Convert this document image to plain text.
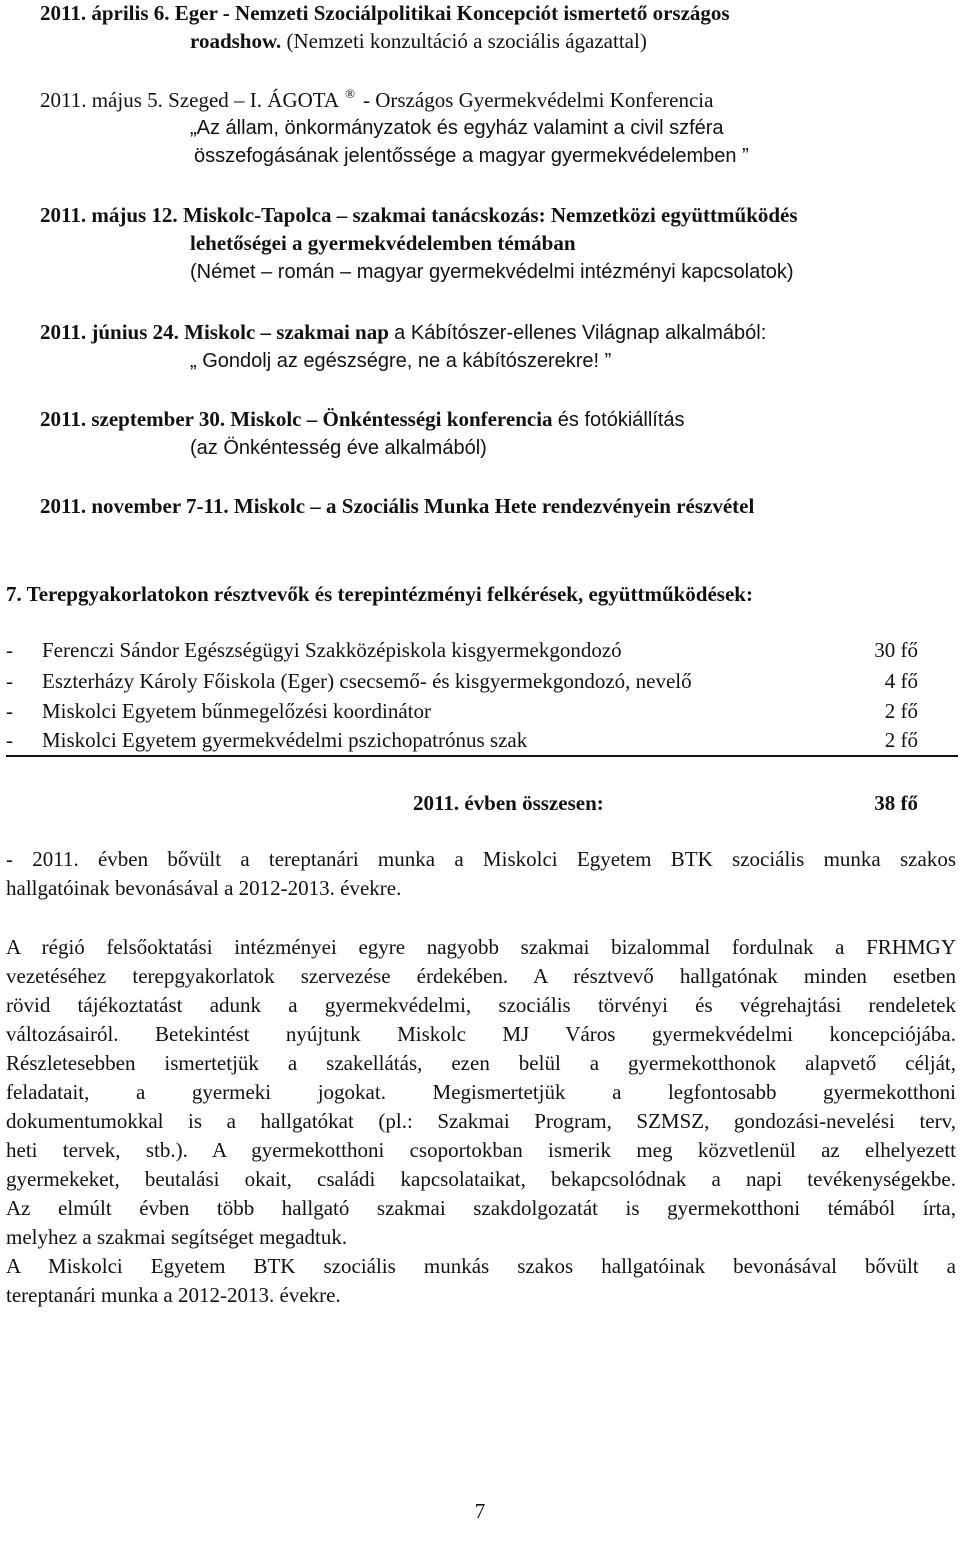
2011. április 6. Eger - Nemzeti Szociálpolitikai Koncepciót ismertető országos
roadshow. (Nemzeti konzultáció a szociális ágazattal)
2011. május 5. Szeged – I. ÁGOTA ® - Országos Gyermekvédelmi Konferencia
„Az állam, önkormányzatok és egyház valamint a civil szféra
összefogásának jelentőssége a magyar gyermekvédelemben ”
2011. május 12. Miskolc-Tapolca – szakmai tanácskozás: Nemzetközi együttműködés
lehetőségei a gyermekvédelemben témában
(Német – román – magyar gyermekvédelmi intézményi kapcsolatok)
2011. június 24. Miskolc – szakmai nap a Kábítószer-ellenes Világnap alkalmából:
„ Gondolj az egészségre, ne a kábítószerekre! ”
2011. szeptember 30. Miskolc – Önkéntességi konferencia és fotókiállítás
(az Önkéntesség éve alkalmából)
2011. november 7-11. Miskolc – a Szociális Munka Hete rendezvényein részvétel
7. Terepgyakorlatokon résztvevők és terepintézményi felkérések, együttműködések:
- Ferenczi Sándor Egészségügyi Szakközépiskola kisgyermekgondozó	30 fő
- Eszterházy Károly Főiskola (Eger) csecsemő- és kisgyermekgondozó, nevelő	4 fő
- Miskolci Egyetem bűnmegelőzési koordinátor	2 fő
- Miskolci Egyetem gyermekvédelmi pszichopatrónus szak	2 fő
2011. évben összesen:	38 fő
- 2011. évben bővült a tereptanári munka a Miskolci Egyetem BTK szociális munka szakos
hallgatóinak bevonásával a 2012-2013. évekre.
A régió felsőoktatási intézményei egyre nagyobb szakmai bizalommal fordulnak a FRHMGY
vezetéséhez terepgyakorlatok szervezése érdekében. A résztvevő hallgatónak minden esetben
rövid tájékoztatást adunk a gyermekvédelmi, szociális törvényi és végrehajtási rendeletek
változásairól. Betekintést nyújtunk Miskolc MJ Város gyermekvédelmi koncepciójába.
Részletesebben ismertetjük a szakellátás, ezen belül a gyermekotthonok alapvető célját,
feladatait, a gyermeki jogokat. Megismertetjük a legfontosabb gyermekotthoni
dokumentumokkal is a hallgatókat (pl.: Szakmai Program, SZMSZ, gondozási-nevelési terv,
heti tervek, stb.). A gyermekotthoni csoportokban ismerik meg közvetlenül az elhelyezett
gyermekeket, beutalási okait, családi kapcsolataikat, bekapcsolódnak a napi tevékenységekbe.
Az elmúlt évben több hallgató szakmai szakdolgozatát is gyermekotthoni témából írta,
melyhez a szakmai segítséget megadtuk.
A Miskolci Egyetem BTK szociális munkás szakos hallgatóinak bevonásával bővült a
tereptanári munka a 2012-2013. évekre.
7
